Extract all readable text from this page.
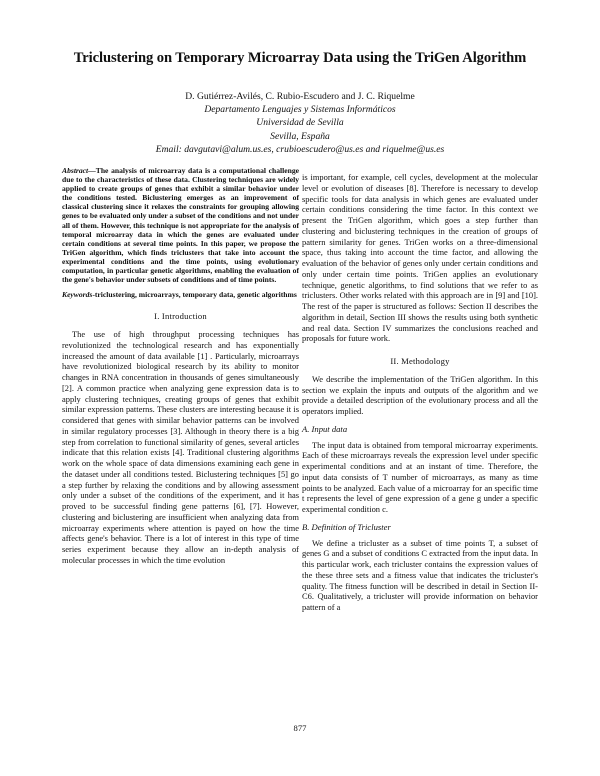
Triclustering on Temporary Microarray Data using the TriGen Algorithm
D. Gutiérrez-Avilés, C. Rubio-Escudero and J. C. Riquelme
Departamento Lenguajes y Sistemas Informáticos
Universidad de Sevilla
Sevilla, España
Email: davgutavi@alum.us.es, crubioescudero@us.es and riquelme@us.es
Abstract—The analysis of microarray data is a computational challenge due to the characteristics of these data. Clustering techniques are widely applied to create groups of genes that exhibit a similar behavior under the conditions tested. Biclustering emerges as an improvement of classical clustering since it relaxes the constraints for grouping allowing genes to be evaluated only under a subset of the conditions and not under all of them. However, this technique is not appropriate for the analysis of temporal microarray data in which the genes are evaluated under certain conditions at several time points. In this paper, we propose the TriGen algorithm, which finds triclusters that take into account the experimental conditions and the time points, using evolutionary computation, in particular genetic algorithms, enabling the evaluation of the gene's behavior under subsets of conditions and of time points.
Keywords-triclustering, microarrays, temporary data, genetic algorithms
I. Introduction

The use of high throughput processing techniques has revolutionized the technological research and has exponentially increased the amount of data available [1] . Particularly, microarrays have revolutionized biological research by its ability to monitor changes in RNA concentration in thousands of genes simultaneously [2]. A common practice when analyzing gene expression data is to apply clustering techniques, creating groups of genes that exhibit similar expression patterns. These clusters are interesting because it is considered that genes with similar behavior patterns can be involved in similar regulatory processes [3]. Although in theory there is a big step from correlation to functional similarity of genes, several articles indicate that this relation exists [4]. Traditional clustering algorithms work on the whole space of data dimensions examining each gene in the dataset under all conditions tested. Biclustering techniques [5] go a step further by relaxing the conditions and by allowing assessment only under a subset of the conditions of the experiment, and it has proved to be successful finding gene patterns [6], [7]. However, clustering and biclustering are insufficient when analyzing data from microarray experiments where attention is payed on how the time affects gene's behavior. There is a lot of interest in this type of time series experiment because they allow an in-depth analysis of molecular processes in which the time evolution

is important, for example, cell cycles, development at the molecular level or evolution of diseases [8]. Therefore is necessary to develop specific tools for data analysis in which genes are evaluated under certain conditions considering the time factor. In this context we present the TriGen algorithm, which goes a step further than clustering and biclustering techniques in the creation of groups of pattern similarity for genes. TriGen works on a three-dimensional space, thus taking into account the time factor, and allowing the evaluation of the behavior of genes only under certain conditions and only under certain time points. TriGen applies an evolutionary technique, genetic algorithms, to find solutions that we refer to as triclusters. Other works related with this approach are in [9] and [10]. The rest of the paper is structured as follows: Section II describes the algorithm in detail, Section III shows the results using both synthetic and real data. Section IV summarizes the conclusions reached and proposals for future work.

II. Methodology

We describe the implementation of the TriGen algorithm. In this section we explain the inputs and outputs of the algorithm and we provide a detailed description of the evolutionary process and all the operators implied.

A. Input data

The input data is obtained from temporal microarray experiments. Each of these microarrays reveals the expression level under specific experimental conditions and at an instant of time. Therefore, the input data consists of T number of microarrays, as many as time points to be analyzed. Each value of a microarray for an specific time t represents the level of gene expression of a gene g under a specific experimental condition c.

B. Definition of Tricluster

We define a tricluster as a subset of time points T, a subset of genes G and a subset of conditions C extracted from the input data. In this particular work, each tricluster contains the expression values of the these three sets and a fitness value that indicates the tricluster's quality. The fitness function will be described in detail in Section II-C6. Qualitatively, a tricluster will provide information on behavior pattern of a

877
